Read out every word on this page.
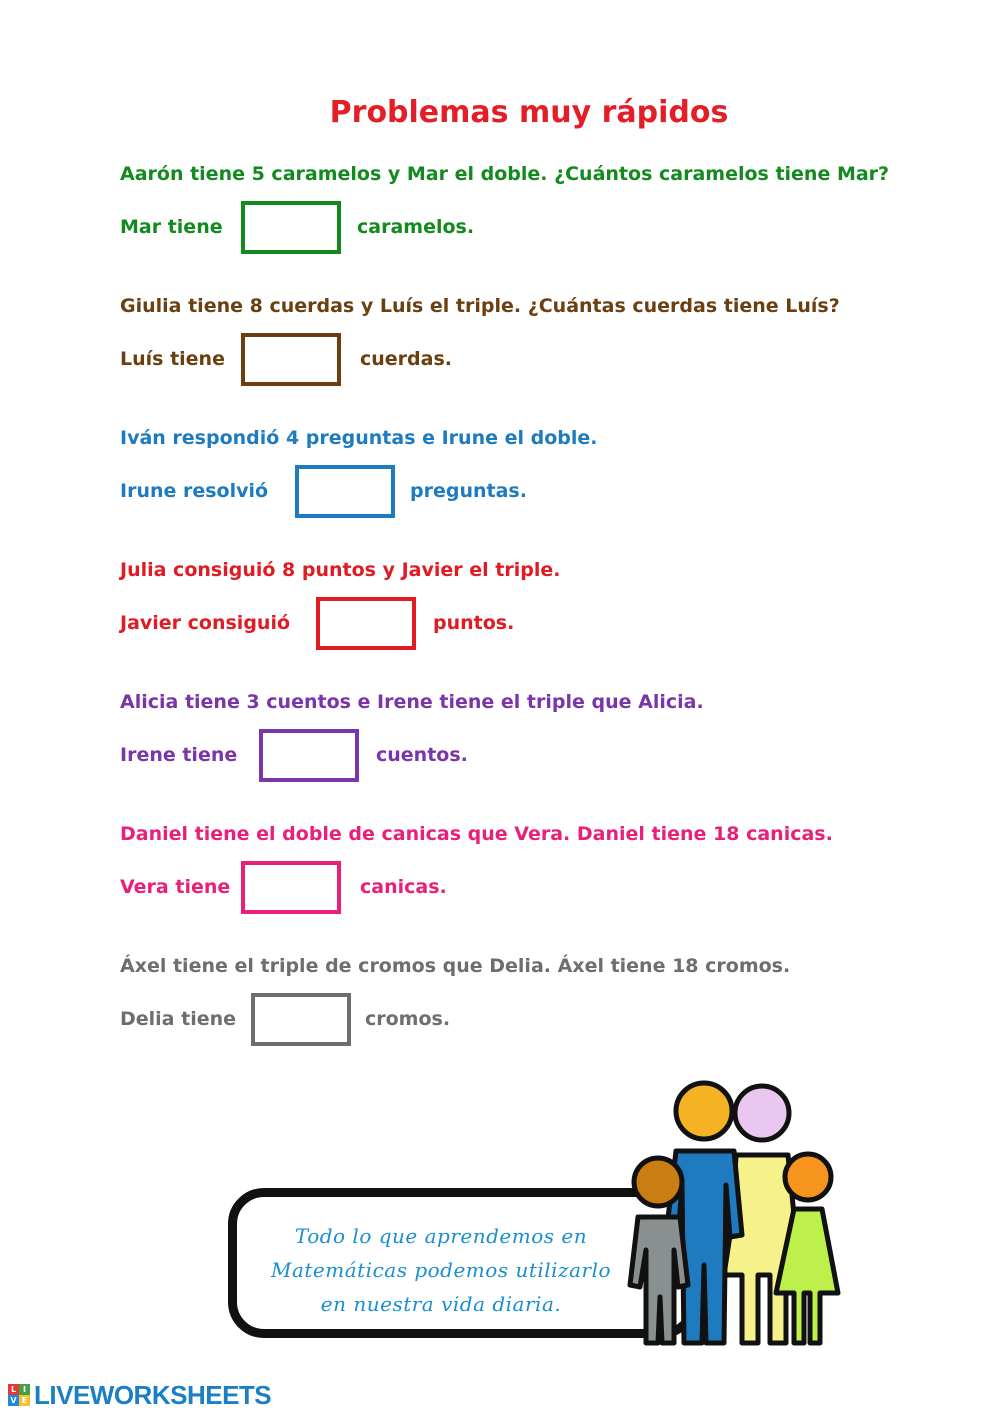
Problemas muy rápidos
Aarón tiene 5 caramelos y Mar el doble. ¿Cuántos caramelos tiene Mar?
Mar tiene	caramelos.
Giulia tiene 8 cuerdas y Luís el triple. ¿Cuántas cuerdas tiene Luís?
Luís tiene	cuerdas.
Iván respondió 4 preguntas e Irune el doble.
Irune resolvió	preguntas.
Julia consiguió 8 puntos y Javier el triple.
Javier consiguió	puntos.
Alicia tiene 3 cuentos e Irene tiene el triple que Alicia.
Irene tiene	cuentos.
Daniel tiene el doble de canicas que Vera. Daniel tiene 18 canicas.
Vera tiene	canicas.
Áxel tiene el triple de cromos que Delia. Áxel tiene 18 cromos.
Delia tiene	cromos.
Todo lo que aprendemos en
Matemáticas podemos utilizarlo
en nuestra vida diaria.
L I
V E LIVEWORKSHEETS
